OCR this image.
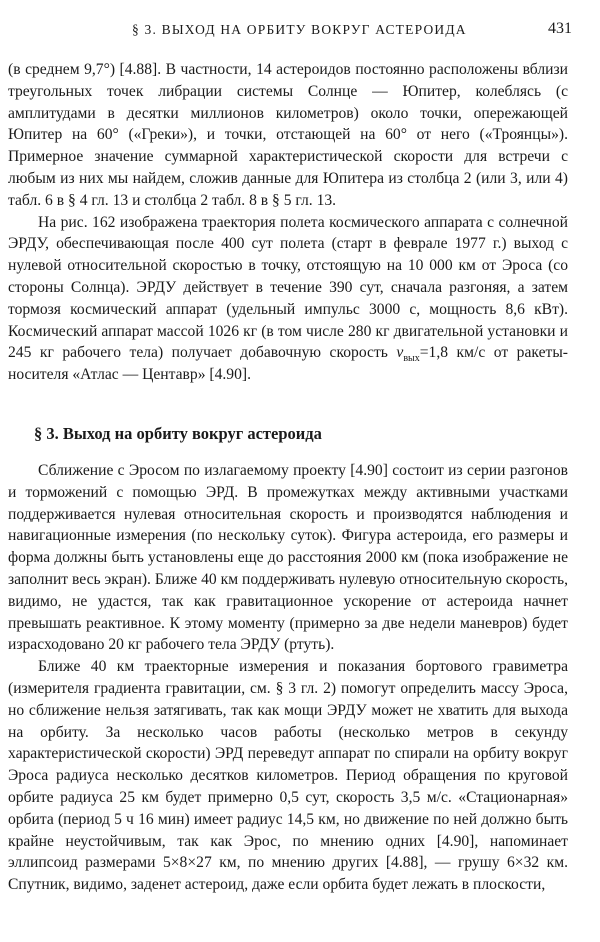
§ 3. ВЫХОД НА ОРБИТУ ВОКРУГ АСТЕРОИДА	431

(в среднем 9,7°) [4.88]. В частности, 14 астероидов постоянно расположены вблизи треугольных точек либрации системы Солнце — Юпитер, колеблясь (с амплитудами в десятки миллионов километров) около точки, опережающей Юпитер на 60° («Греки»), и точки, отстающей на 60° от него («Троянцы»). Примерное значение суммарной характеристической скорости для встречи с любым из них мы найдем, сложив данные для Юпитера из столбца 2 (или 3, или 4) табл. 6 в § 4 гл. 13 и столбца 2 табл. 8 в § 5 гл. 13.

На рис. 162 изображена траектория полета космического аппарата с солнечной ЭРДУ, обеспечивающая после 400 сут полета (старт в феврале 1977 г.) выход с нулевой относительной скоростью в точку, отстоящую на 10 000 км от Эроса (со стороны Солнца). ЭРДУ действует в течение 390 сут, сначала разгоняя, а затем тормозя космический аппарат (удельный импульс 3000 с, мощность 8,6 кВт). Космический аппарат массой 1026 кг (в том числе 280 кг двигательной установки и 245 кг рабочего тела) получает добавочную скорость $v_{вых}=1,8$ км/с от ракеты-носителя «Атлас — Центавр» [4.90].

§ 3. Выход на орбиту вокруг астероида

Сближение с Эросом по излагаемому проекту [4.90] состоит из серии разгонов и торможений с помощью ЭРД. В промежутках между активными участками поддерживается нулевая относительная скорость и производятся наблюдения и навигационные измерения (по нескольку суток). Фигура астероида, его размеры и форма должны быть установлены еще до расстояния 2000 км (пока изображение не заполнит весь экран). Ближе 40 км поддерживать нулевую относительную скорость, видимо, не удастся, так как гравитационное ускорение от астероида начнет превышать реактивное. К этому моменту (примерно за две недели маневров) будет израсходовано 20 кг рабочего тела ЭРДУ (ртуть).

Ближе 40 км траекторные измерения и показания бортового гравиметра (измерителя градиента гравитации, см. § 3 гл. 2) помогут определить массу Эроса, но сближение нельзя затягивать, так как мощи ЭРДУ может не хватить для выхода на орбиту. За несколько часов работы (несколько метров в секунду характеристической скорости) ЭРД переведут аппарат по спирали на орбиту вокруг Эроса радиуса несколько десятков километров. Период обращения по круговой орбите радиуса 25 км будет примерно 0,5 сут, скорость 3,5 м/с. «Стационарная» орбита (период 5 ч 16 мин) имеет радиус 14,5 км, но движение по ней должно быть крайне неустойчивым, так как Эрос, по мнению одних [4.90], напоминает эллипсоид размерами 5×8×27 км, по мнению других [4.88], — грушу 6×32 км. Спутник, видимо, заденет астероид, даже если орбита будет лежать в плоскости,
